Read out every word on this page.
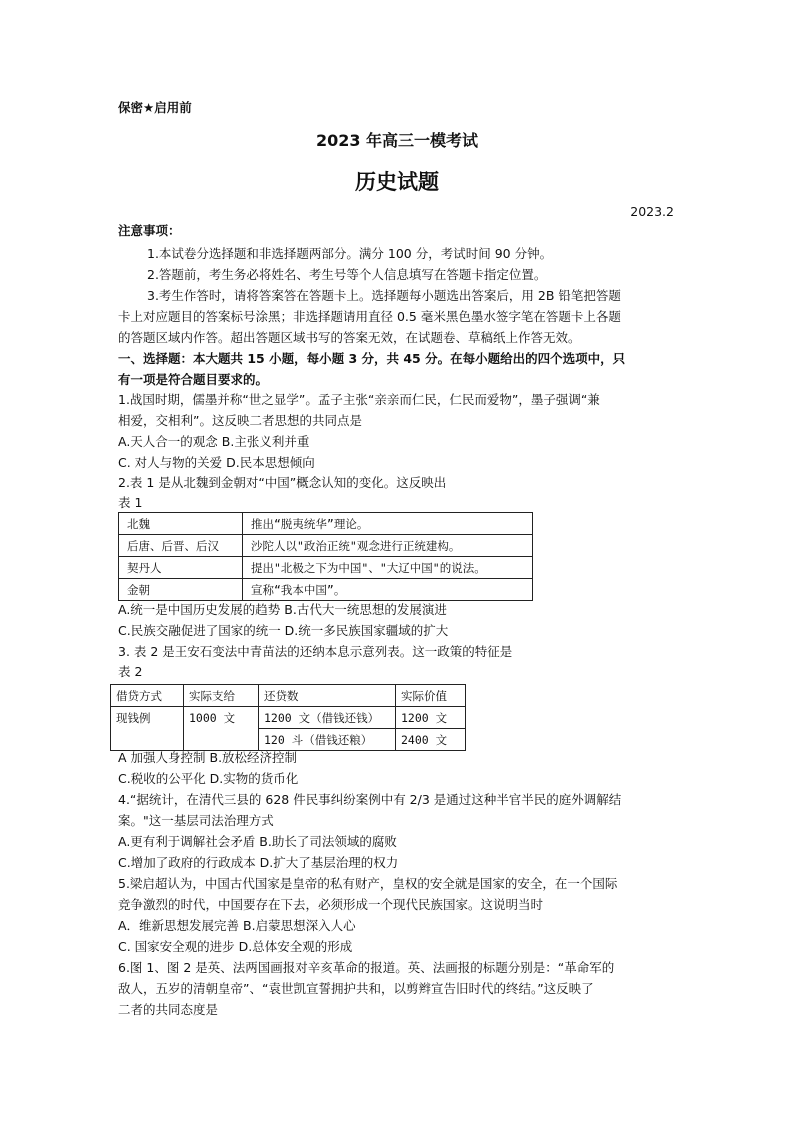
保密★启用前
2023 年高三一模考试
历史试题
2023.2
注意事项：
1.本试卷分选择题和非选择题两部分。满分 100 分，考试时间 90 分钟。
2.答题前，考生务必将姓名、考生号等个人信息填写在答题卡指定位置。
3.考生作答时，请将答案答在答题卡上。选择题每小题选出答案后，用 2B 铅笔把答题
卡上对应题目的答案标号涂黑；非选择题请用直径 0.5 毫米黑色墨水签字笔在答题卡上各题
的答题区域内作答。超出答题区域书写的答案无效，在试题卷、草稿纸上作答无效。
一、选择题：本大题共 15 小题，每小题 3 分，共 45 分。在每小题给出的四个选项中，只
有一项是符合题目要求的。
1.战国时期，儒墨并称“世之显学”。孟子主张“亲亲而仁民，仁民而爱物”，墨子强调“兼
相爱，交相利”。这反映二者思想的共同点是
A.天人合一的观念 B.主张义利并重
C. 对人与物的关爱 D.民本思想倾向
2.表 1 是从北魏到金朝对“中国”概念认知的变化。这反映出
表 1
北魏	推出“脱夷统华”理论。
后唐、后晋、后汉	沙陀人以"政治正统"观念进行正统建构。
契丹人	提出"北极之下为中国"、"大辽中国"的说法。
金朝	宣称“我本中国”。
A.统一是中国历史发展的趋势 B.古代大一统思想的发展演进
C.民族交融促进了国家的统一 D.统一多民族国家疆域的扩大
3. 表 2 是王安石变法中青苗法的还纳本息示意列表。这一政策的特征是
表 2
借贷方式	实际支给	还贷数	实际价值
现钱例	1000 文	1200 文（借钱还钱）	1200 文
		120 斗（借钱还粮）	2400 文
A 加强人身控制 B.放松经济控制
C.税收的公平化 D.实物的货币化
4.“据统计，在清代三县的 628 件民事纠纷案例中有 2/3 是通过这种半官半民的庭外调解结
案。"这一基层司法治理方式
A.更有利于调解社会矛盾 B.助长了司法领域的腐败
C.增加了政府的行政成本 D.扩大了基层治理的权力
5.梁启超认为，中国古代国家是皇帝的私有财产，皇权的安全就是国家的安全，在一个国际
竞争激烈的时代，中国要存在下去，必须形成一个现代民族国家。这说明当时
A．维新思想发展完善 B.启蒙思想深入人心
C. 国家安全观的进步 D.总体安全观的形成
6.图 1、图 2 是英、法两国画报对辛亥革命的报道。英、法画报的标题分别是：“革命军的
敌人，五岁的清朝皇帝”、“袁世凯宣誓拥护共和，以剪辫宣告旧时代的终结。”这反映了
二者的共同态度是
